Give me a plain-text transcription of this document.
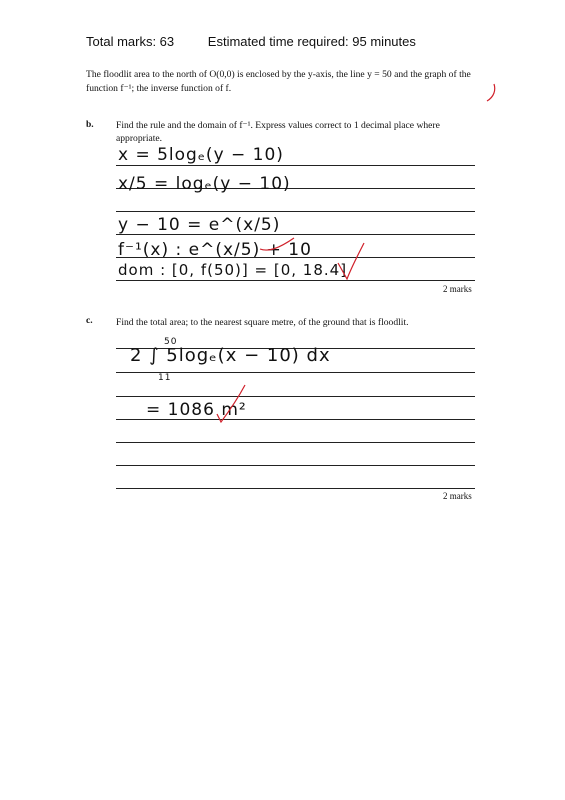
Total marks: 63	Estimated time required: 95 minutes
The floodlit area to the north of O(0,0) is enclosed by the y-axis, the line y = 50 and the graph of the
function f⁻¹; the inverse function of f.
b. Find the rule and the domain of f⁻¹. Express values correct to 1 decimal place where appropriate.
x = 5logₑ(y − 10)
x/5 = logₑ(y − 10)
y − 10 = e^(x/5)
f⁻¹(x) : e^(x/5) + 10
dom : [0, f(50)] = [0, 18.4]
2 marks
c. Find the total area; to the nearest square metre, of the ground that is floodlit.
2 ∫ 5logₑ(x − 10) dx
50
11
= 1086 m²
2 marks
